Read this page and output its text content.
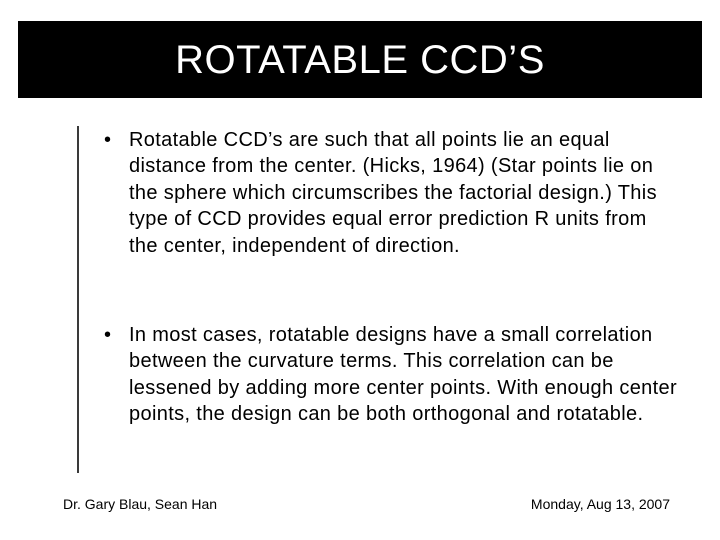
ROTATABLE CCD’S
• Rotatable CCD’s are such that all points lie an equal distance from the center. (Hicks, 1964) (Star points lie on the sphere which circumscribes the factorial design.) This type of CCD provides equal error prediction R units from the center, independent of direction.
• In most cases, rotatable designs have a small correlation between the curvature terms. This correlation can be lessened by adding more center points. With enough center points, the design can be both orthogonal and rotatable.
Dr. Gary Blau, Sean Han	Monday, Aug 13, 2007
